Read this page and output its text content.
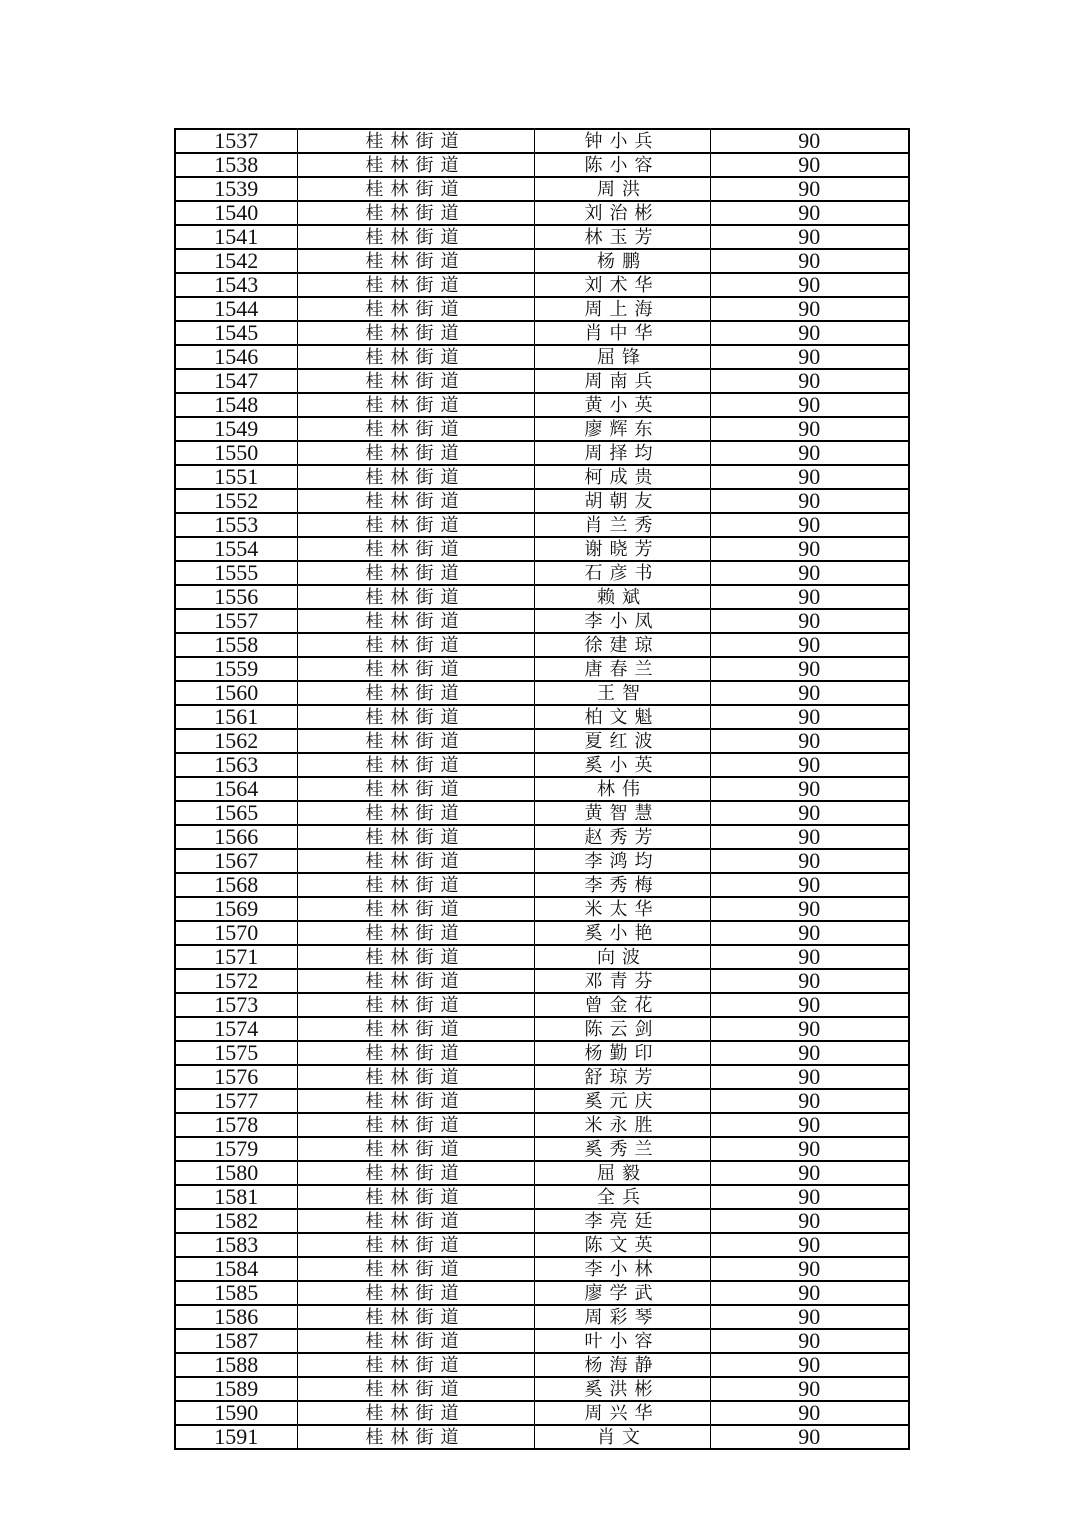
1537	桂林街道	钟小兵	90
1538	桂林街道	陈小容	90
1539	桂林街道	周洪	90
1540	桂林街道	刘治彬	90
1541	桂林街道	林玉芳	90
1542	桂林街道	杨鹏	90
1543	桂林街道	刘术华	90
1544	桂林街道	周上海	90
1545	桂林街道	肖中华	90
1546	桂林街道	屈锋	90
1547	桂林街道	周南兵	90
1548	桂林街道	黄小英	90
1549	桂林街道	廖辉东	90
1550	桂林街道	周择均	90
1551	桂林街道	柯成贵	90
1552	桂林街道	胡朝友	90
1553	桂林街道	肖兰秀	90
1554	桂林街道	谢晓芳	90
1555	桂林街道	石彦书	90
1556	桂林街道	赖斌	90
1557	桂林街道	李小凤	90
1558	桂林街道	徐建琼	90
1559	桂林街道	唐春兰	90
1560	桂林街道	王智	90
1561	桂林街道	柏文魁	90
1562	桂林街道	夏红波	90
1563	桂林街道	奚小英	90
1564	桂林街道	林伟	90
1565	桂林街道	黄智慧	90
1566	桂林街道	赵秀芳	90
1567	桂林街道	李鸿均	90
1568	桂林街道	李秀梅	90
1569	桂林街道	米太华	90
1570	桂林街道	奚小艳	90
1571	桂林街道	向波	90
1572	桂林街道	邓青芬	90
1573	桂林街道	曾金花	90
1574	桂林街道	陈云剑	90
1575	桂林街道	杨勤印	90
1576	桂林街道	舒琼芳	90
1577	桂林街道	奚元庆	90
1578	桂林街道	米永胜	90
1579	桂林街道	奚秀兰	90
1580	桂林街道	屈毅	90
1581	桂林街道	全兵	90
1582	桂林街道	李亮廷	90
1583	桂林街道	陈文英	90
1584	桂林街道	李小林	90
1585	桂林街道	廖学武	90
1586	桂林街道	周彩琴	90
1587	桂林街道	叶小容	90
1588	桂林街道	杨海静	90
1589	桂林街道	奚洪彬	90
1590	桂林街道	周兴华	90
1591	桂林街道	肖文	90
